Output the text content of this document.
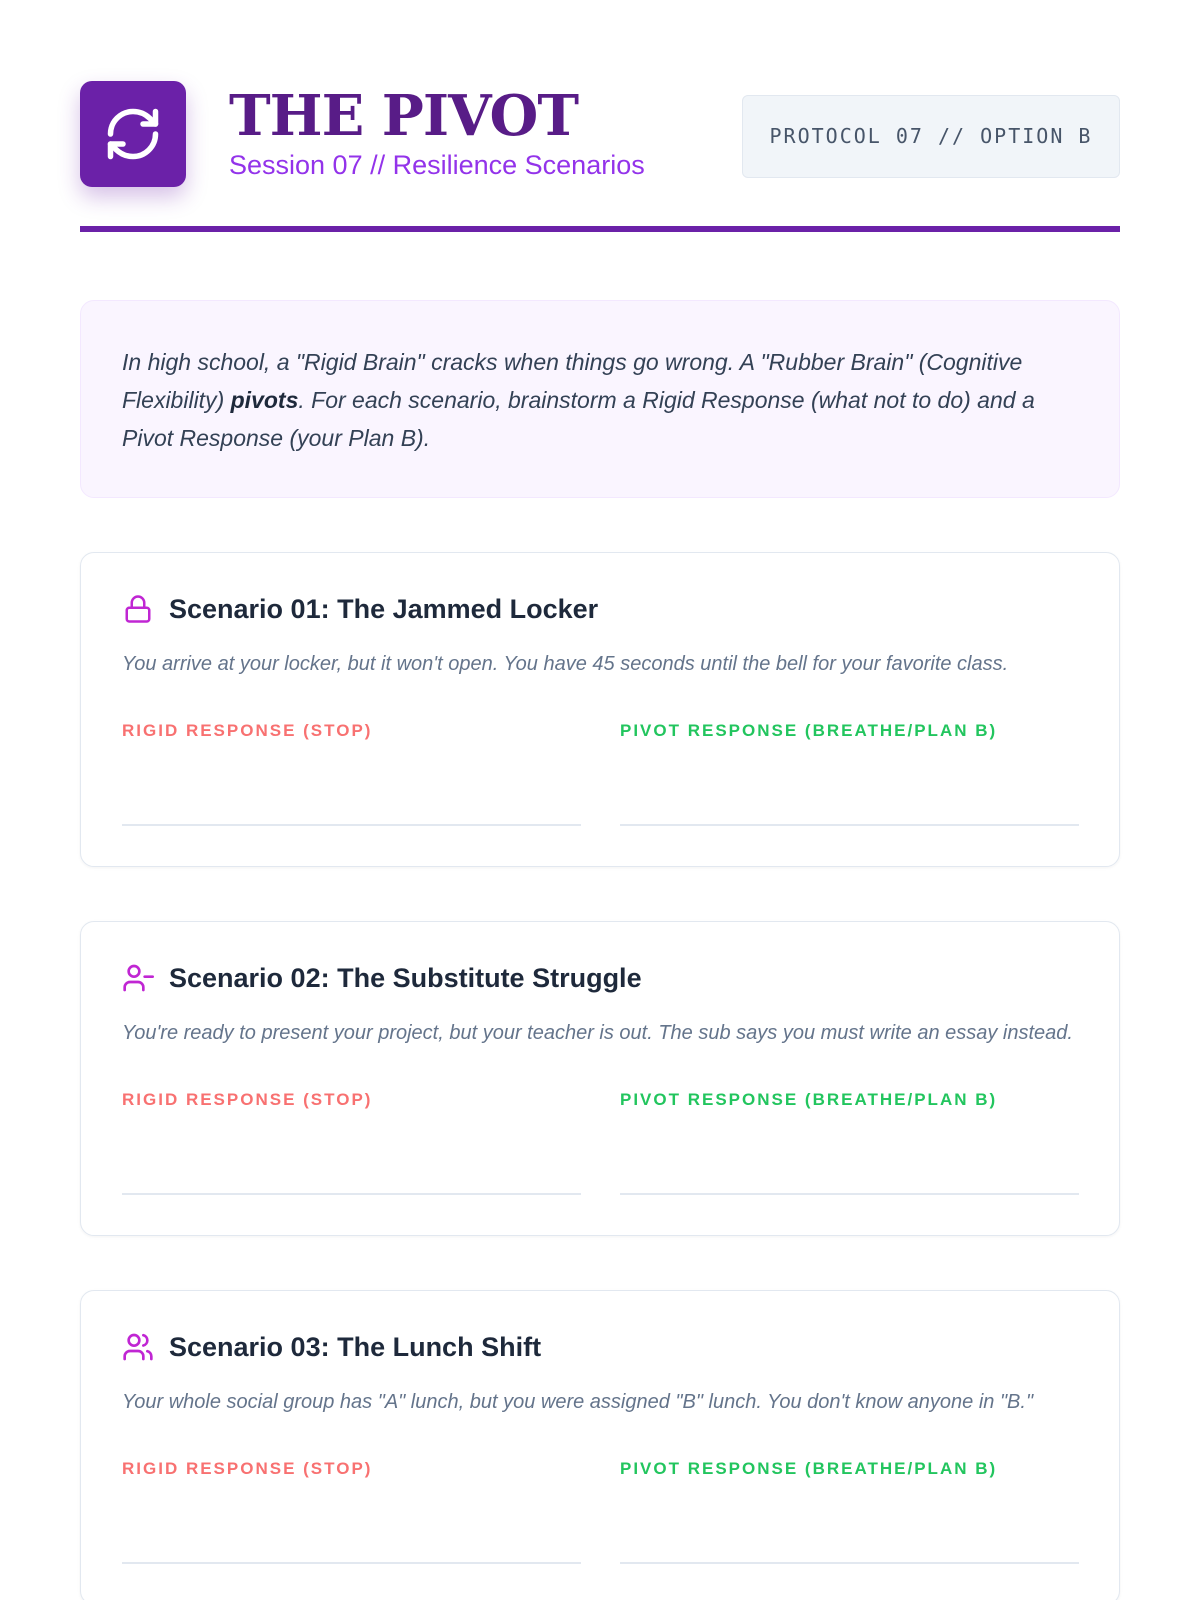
THE PIVOT
Session 07 // Resilience Scenarios
PROTOCOL 07 // OPTION B
In high school, a "Rigid Brain" cracks when things go wrong. A "Rubber Brain" (Cognitive Flexibility) pivots. For each scenario, brainstorm a Rigid Response (what not to do) and a Pivot Response (your Plan B).
Scenario 01: The Jammed Locker
You arrive at your locker, but it won't open. You have 45 seconds until the bell for your favorite class.
RIGID RESPONSE (STOP)	PIVOT RESPONSE (BREATHE/PLAN B)
Scenario 02: The Substitute Struggle
You're ready to present your project, but your teacher is out. The sub says you must write an essay instead.
RIGID RESPONSE (STOP)	PIVOT RESPONSE (BREATHE/PLAN B)
Scenario 03: The Lunch Shift
Your whole social group has "A" lunch, but you were assigned "B" lunch. You don't know anyone in "B."
RIGID RESPONSE (STOP)	PIVOT RESPONSE (BREATHE/PLAN B)
